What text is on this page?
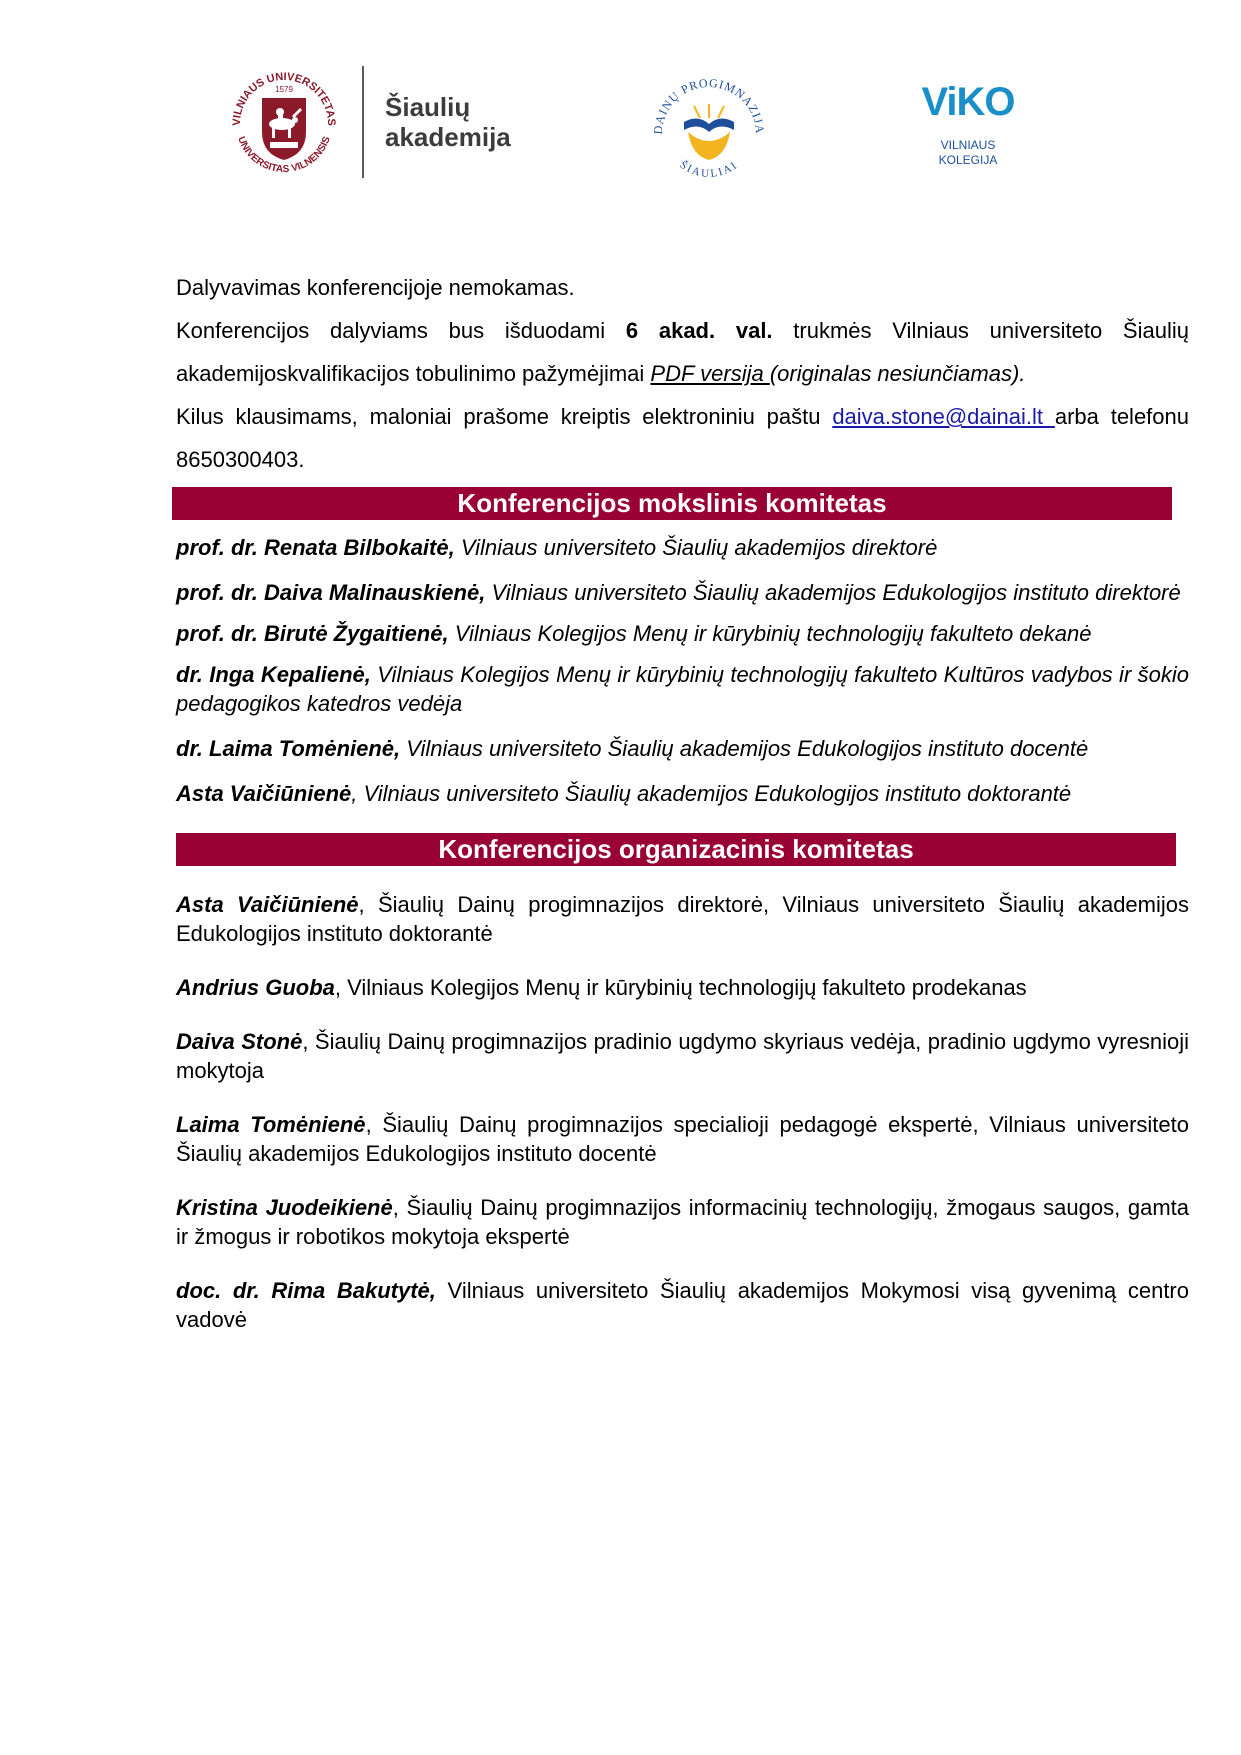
VILNIAUS UNIVERSITETAS
UNIVERSITAS VILNENSIS
1579
Šiaulių
akademija	DAINŲ PROGIMNAZIJA
ŠIAULIAI
ViKO
VILNIAUS
KOLEGIJA

Dalyvavimas konferencijoje nemokamas.

Konferencijos dalyviams bus išduodami 6 akad. val. trukmės Vilniaus universiteto Šiaulių akademijoskvalifikacijos tobulinimo pažymėjimai PDF versija (originalas nesiunčiamas).

Kilus klausimams, maloniai prašome kreiptis elektroniniu paštu daiva.stone@dainai.lt arba telefonu 8650300403.

Konferencijos mokslinis komitetas
prof. dr. Renata Bilbokaitė, Vilniaus universiteto Šiaulių akademijos direktorė
prof. dr. Daiva Malinauskienė, Vilniaus universiteto Šiaulių akademijos Edukologijos instituto direktorė
prof. dr. Birutė Žygaitienė, Vilniaus Kolegijos Menų ir kūrybinių technologijų fakulteto dekanė
dr. Inga Kepalienė, Vilniaus Kolegijos Menų ir kūrybinių technologijų fakulteto Kultūros vadybos ir šokio pedagogikos katedros vedėja
dr. Laima Tomėnienė, Vilniaus universiteto Šiaulių akademijos Edukologijos instituto docentė
Asta Vaičiūnienė, Vilniaus universiteto Šiaulių akademijos Edukologijos instituto doktorantė
Konferencijos organizacinis komitetas
Asta Vaičiūnienė, Šiaulių Dainų progimnazijos direktorė, Vilniaus universiteto Šiaulių akademijos Edukologijos instituto doktorantė
Andrius Guoba, Vilniaus Kolegijos Menų ir kūrybinių technologijų fakulteto prodekanas
Daiva Stonė, Šiaulių Dainų progimnazijos pradinio ugdymo skyriaus vedėja, pradinio ugdymo vyresnioji mokytoja
Laima Tomėnienė, Šiaulių Dainų progimnazijos specialioji pedagogė ekspertė, Vilniaus universiteto Šiaulių akademijos Edukologijos instituto docentė
Kristina Juodeikienė, Šiaulių Dainų progimnazijos informacinių technologijų, žmogaus saugos, gamta ir žmogus ir robotikos mokytoja ekspertė
doc. dr. Rima Bakutytė, Vilniaus universiteto Šiaulių akademijos Mokymosi visą gyvenimą centro vadovė
